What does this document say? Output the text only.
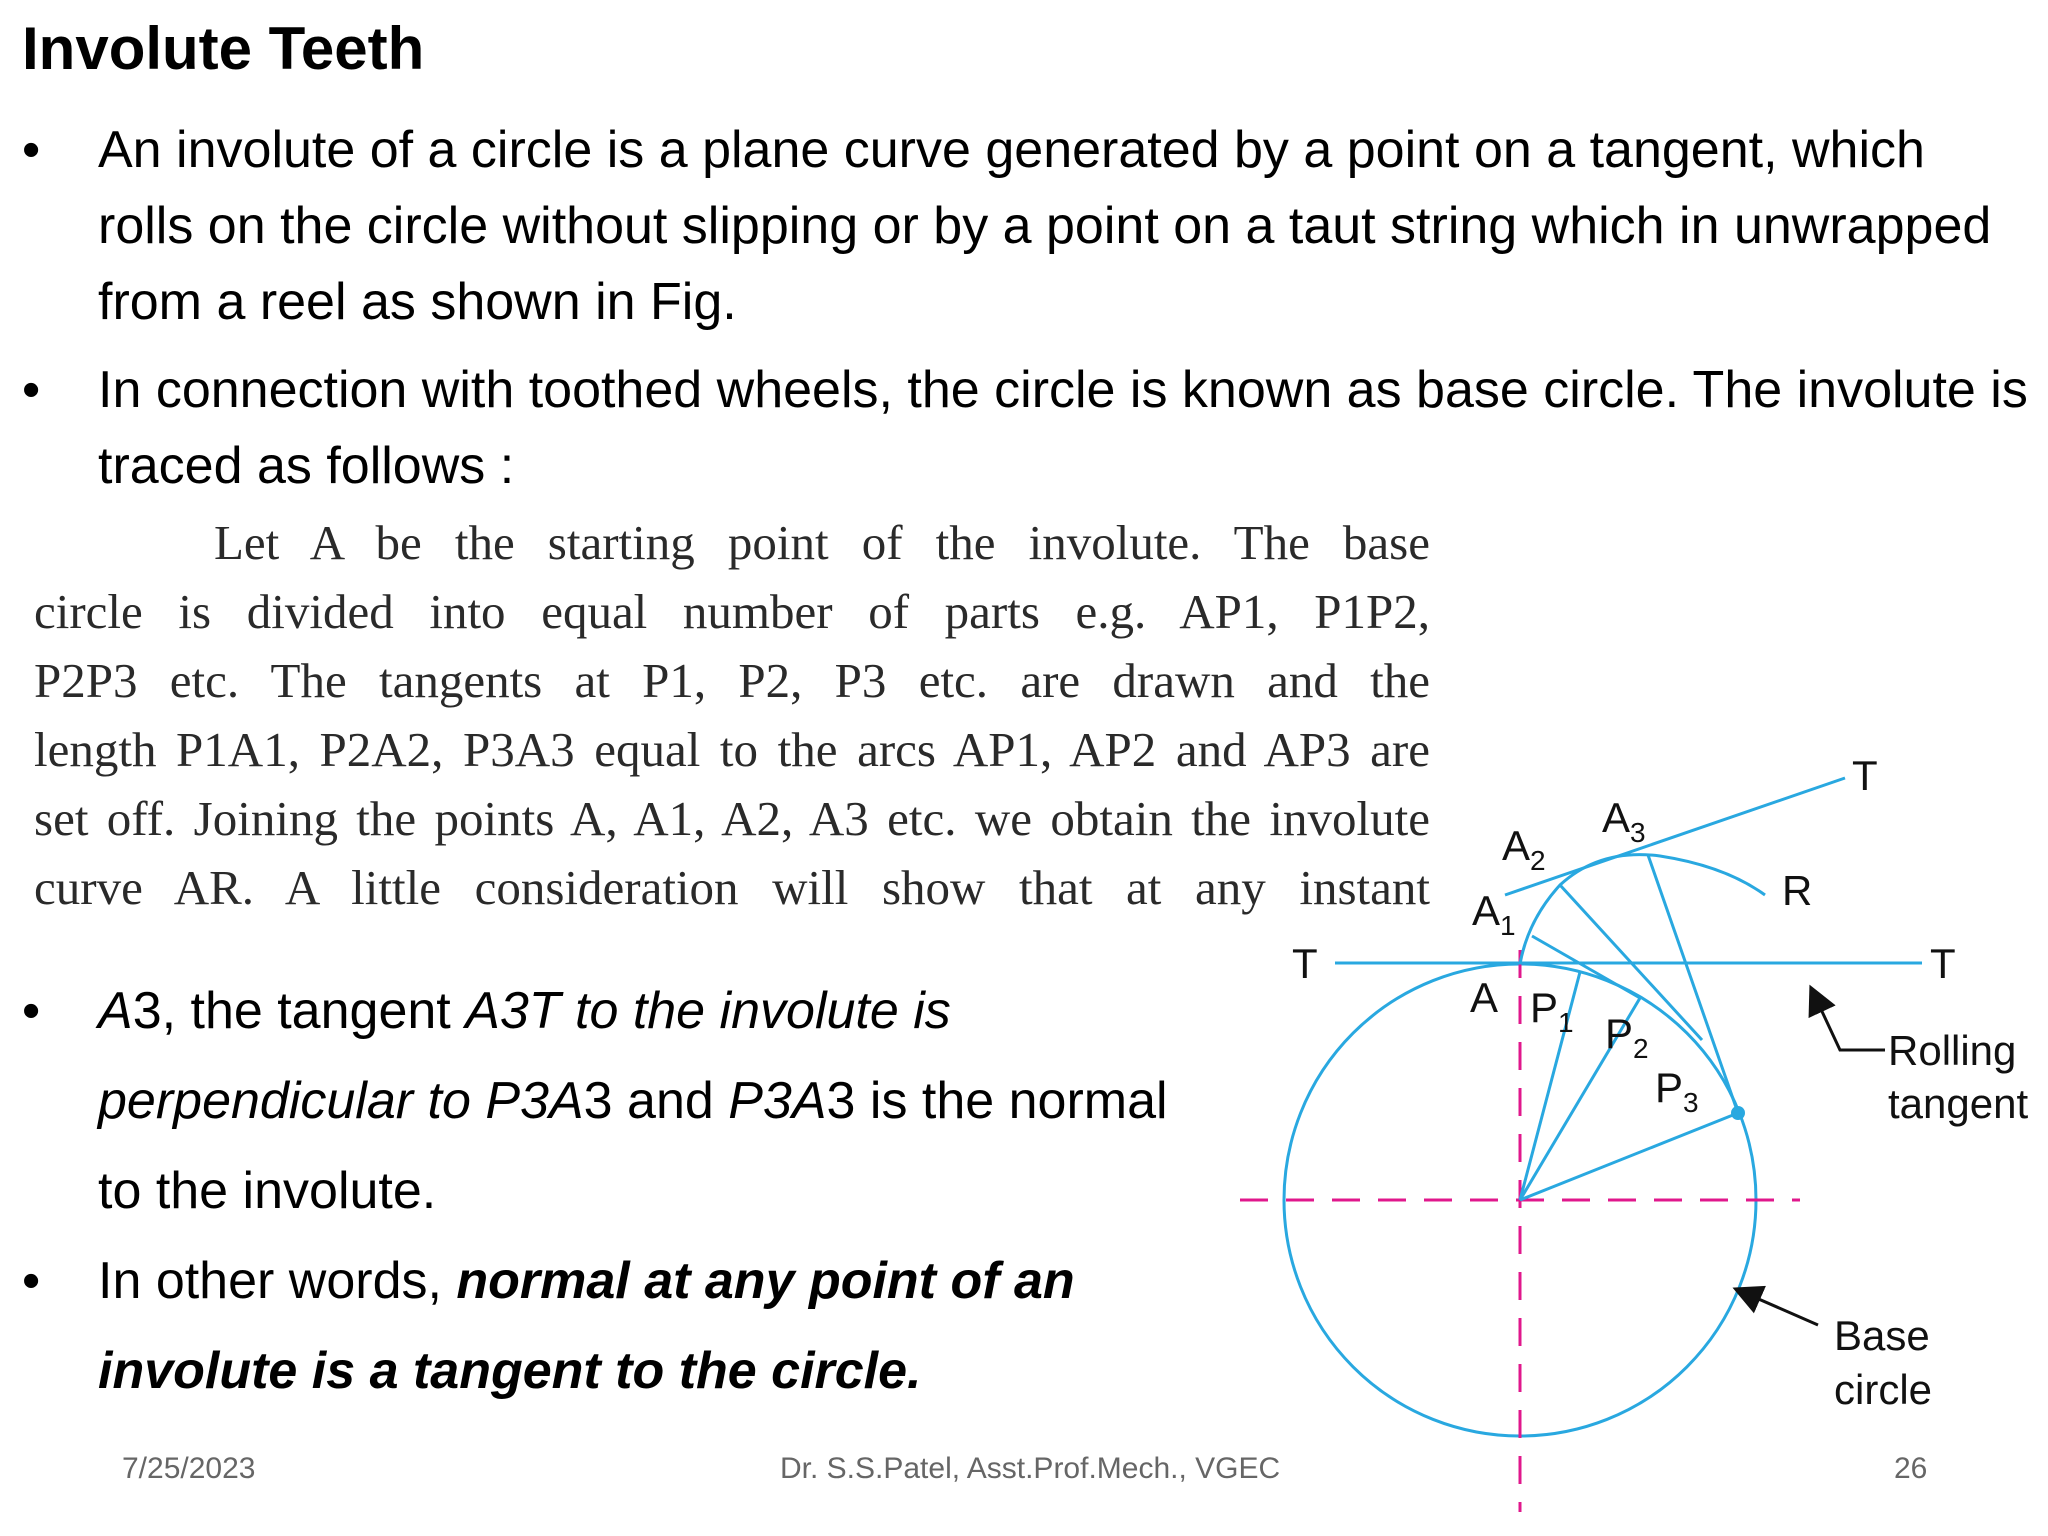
Involute Teeth
•	An involute of a circle is a plane curve generated by a point on a tangent, which rolls on the circle without slipping or by a point on a taut string which in unwrapped from a reel as shown in Fig.
•	In connection with toothed wheels, the circle is known as base circle. The involute is traced as follows :
Let A be the starting point of the involute. The base
circle is divided into equal number of parts e.g. AP1, P1P2,
P2P3 etc. The tangents at P1, P2, P3 etc. are drawn and the
length P1A1, P2A2, P3A3 equal to the arcs AP1, AP2 and AP3 are
set off. Joining the points A, A1, A2, A3 etc. we obtain the involute
curve AR. A little consideration will show that at any instant
•	A3, the tangent A3T to the involute is perpendicular to P3A3 and P3A3 is the normal to the involute.
•	In other words, normal at any point of an involute is a tangent to the circle.
T	T
T
A
$A_1$
$A_2$
$A_3$
$P_1$ $P_2$
$P_3$
R
Rolling
tangent
Base
circle
7/25/2023	Dr. S.S.Patel, Asst.Prof.Mech., VGEC	26
